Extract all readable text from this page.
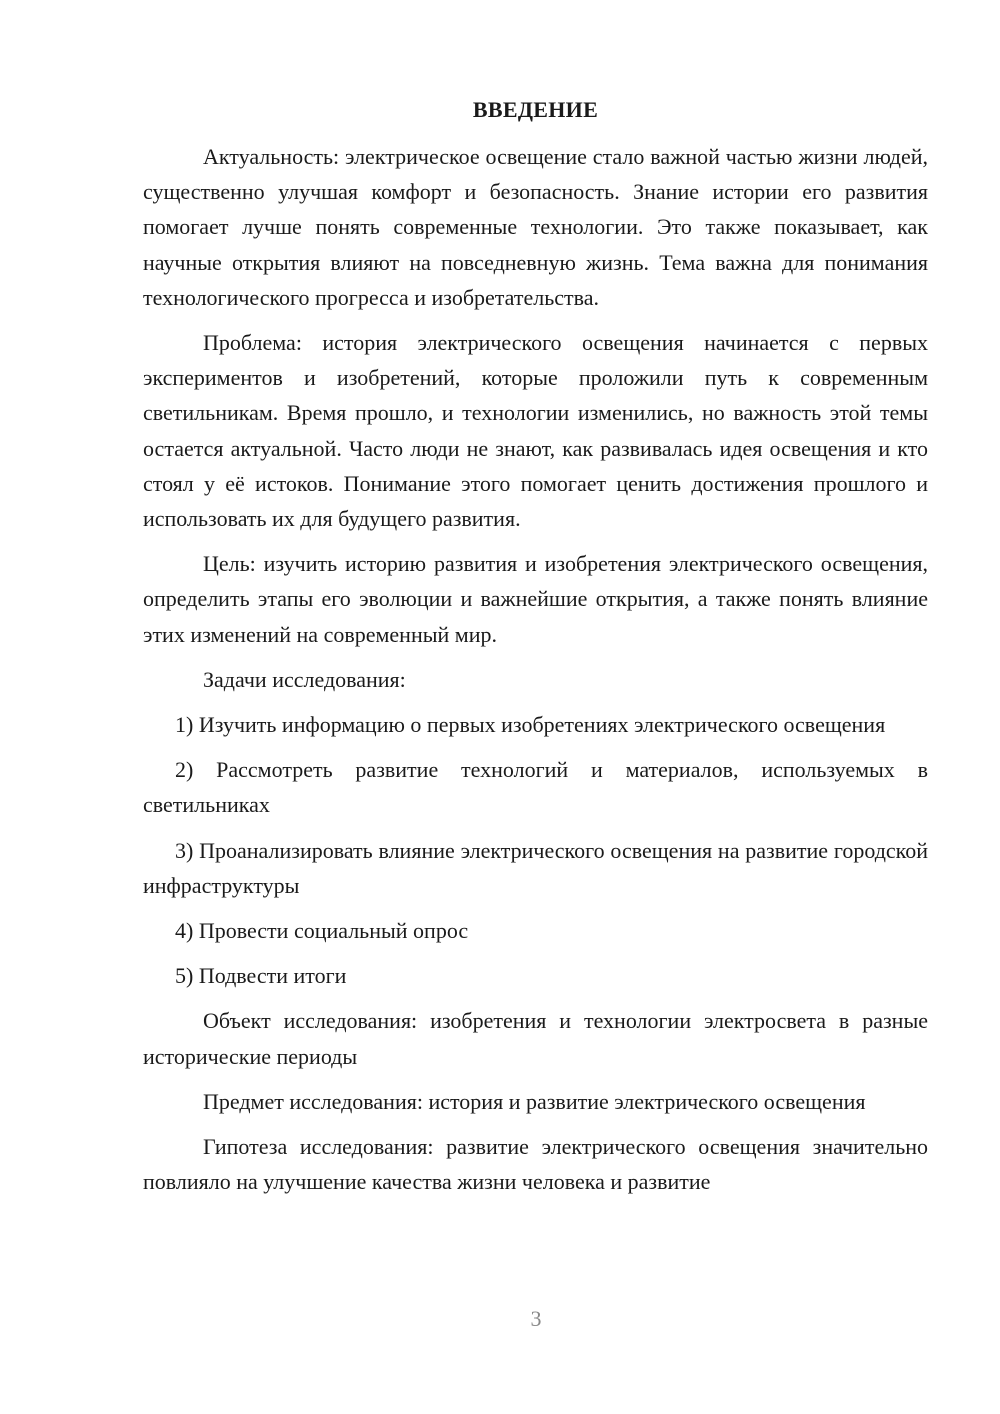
ВВЕДЕНИЕ

Актуальность: электрическое освещение стало важной частью жизни людей, существенно улучшая комфорт и безопасность. Знание истории его развития помогает лучше понять современные технологии. Это также показывает, как научные открытия влияют на повседневную жизнь. Тема важна для понимания технологического прогресса и изобретательства.

Проблема: история электрического освещения начинается с первых экспериментов и изобретений, которые проложили путь к современным светильникам. Время прошло, и технологии изменились, но важность этой темы остается актуальной. Часто люди не знают, как развивалась идея освещения и кто стоял у её истоков. Понимание этого помогает ценить достижения прошлого и использовать их для будущего развития.

Цель: изучить историю развития и изобретения электрического освещения, определить этапы его эволюции и важнейшие открытия, а также понять влияние этих изменений на современный мир.

Задачи исследования:

1) Изучить информацию о первых изобретениях электрического освещения

2) Рассмотреть развитие технологий и материалов, используемых в светильниках

3) Проанализировать влияние электрического освещения на развитие городской инфраструктуры

4) Провести социальный опрос

5) Подвести итоги

Объект исследования: изобретения и технологии электросвета в разные исторические периоды

Предмет исследования: история и развитие электрического освещения

Гипотеза исследования: развитие электрического освещения значительно повлияло на улучшение качества жизни человека и развитие

3
